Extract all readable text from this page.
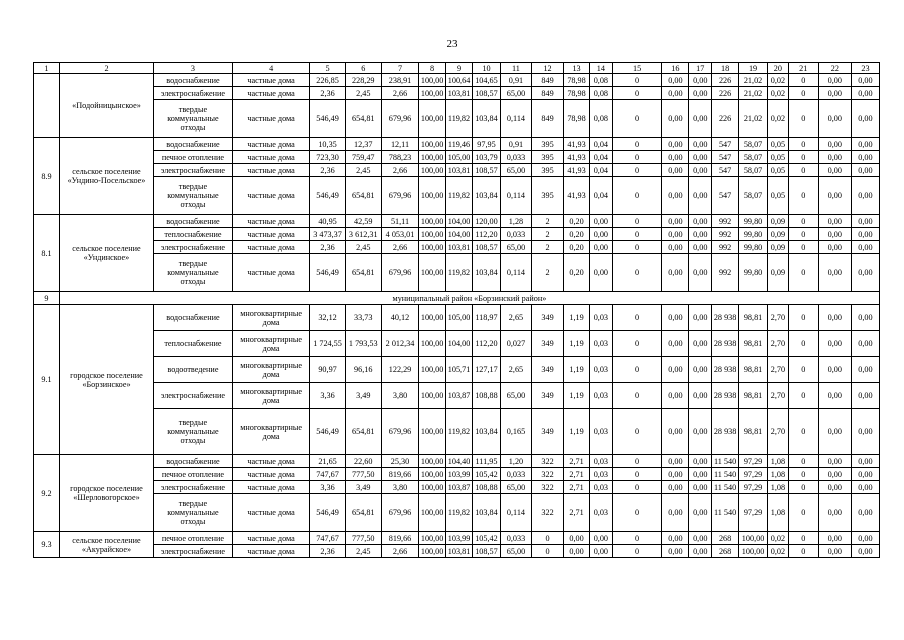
23
1	2	3	4	5	6	7	8	9	10	11	12	13	14	15	16	17	18	19	20	21	22	23
	«Подойницынское»	водоснабжение	частные дома	226,85	228,29	238,91	100,00	100,64	104,65	0,91	849	78,98	0,08	0	0,00	0,00	226	21,02	0,02	0	0,00	0,00
		электроснабжение	частные дома	2,36	2,45	2,66	100,00	103,81	108,57	65,00	849	78,98	0,08	0	0,00	0,00	226	21,02	0,02	0	0,00	0,00
		твердые коммунальные отходы	частные дома	546,49	654,81	679,96	100,00	119,82	103,84	0,114	849	78,98	0,08	0	0,00	0,00	226	21,02	0,02	0	0,00	0,00
8.9	сельское поселение «Ундино-Посельское»	водоснабжение	частные дома	10,35	12,37	12,11	100,00	119,46	97,95	0,91	395	41,93	0,04	0	0,00	0,00	547	58,07	0,05	0	0,00	0,00
		печное отопление	частные дома	723,30	759,47	788,23	100,00	105,00	103,79	0,033	395	41,93	0,04	0	0,00	0,00	547	58,07	0,05	0	0,00	0,00
		электроснабжение	частные дома	2,36	2,45	2,66	100,00	103,81	108,57	65,00	395	41,93	0,04	0	0,00	0,00	547	58,07	0,05	0	0,00	0,00
		твердые коммунальные отходы	частные дома	546,49	654,81	679,96	100,00	119,82	103,84	0,114	395	41,93	0,04	0	0,00	0,00	547	58,07	0,05	0	0,00	0,00
8.1	сельское поселение «Ундинское»	водоснабжение	частные дома	40,95	42,59	51,11	100,00	104,00	120,00	1,28	2	0,20	0,00	0	0,00	0,00	992	99,80	0,09	0	0,00	0,00
		теплоснабжение	частные дома	3 473,37	3 612,31	4 053,01	100,00	104,00	112,20	0,033	2	0,20	0,00	0	0,00	0,00	992	99,80	0,09	0	0,00	0,00
		электроснабжение	частные дома	2,36	2,45	2,66	100,00	103,81	108,57	65,00	2	0,20	0,00	0	0,00	0,00	992	99,80	0,09	0	0,00	0,00
		твердые коммунальные отходы	частные дома	546,49	654,81	679,96	100,00	119,82	103,84	0,114	2	0,20	0,00	0	0,00	0,00	992	99,80	0,09	0	0,00	0,00
9	муниципальный район «Борзинский район»																					
9.1	городское поселение «Борзинское»	водоснабжение	многоквартирные дома	32,12	33,73	40,12	100,00	105,00	118,97	2,65	349	1,19	0,03	0	0,00	0,00	28 938	98,81	2,70	0	0,00	0,00
		теплоснабжение	многоквартирные дома	1 724,55	1 793,53	2 012,34	100,00	104,00	112,20	0,027	349	1,19	0,03	0	0,00	0,00	28 938	98,81	2,70	0	0,00	0,00
		водоотведение	многоквартирные дома	90,97	96,16	122,29	100,00	105,71	127,17	2,65	349	1,19	0,03	0	0,00	0,00	28 938	98,81	2,70	0	0,00	0,00
		электроснабжение	многоквартирные дома	3,36	3,49	3,80	100,00	103,87	108,88	65,00	349	1,19	0,03	0	0,00	0,00	28 938	98,81	2,70	0	0,00	0,00
		твердые коммунальные отходы	многоквартирные дома	546,49	654,81	679,96	100,00	119,82	103,84	0,165	349	1,19	0,03	0	0,00	0,00	28 938	98,81	2,70	0	0,00	0,00
9.2	городское поселение «Шерловогорское»	водоснабжение	частные дома	21,65	22,60	25,30	100,00	104,40	111,95	1,20	322	2,71	0,03	0	0,00	0,00	11 540	97,29	1,08	0	0,00	0,00
		печное отопление	частные дома	747,67	777,50	819,66	100,00	103,99	105,42	0,033	322	2,71	0,03	0	0,00	0,00	11 540	97,29	1,08	0	0,00	0,00
		электроснабжение	частные дома	3,36	3,49	3,80	100,00	103,87	108,88	65,00	322	2,71	0,03	0	0,00	0,00	11 540	97,29	1,08	0	0,00	0,00
		твердые коммунальные отходы	частные дома	546,49	654,81	679,96	100,00	119,82	103,84	0,114	322	2,71	0,03	0	0,00	0,00	11 540	97,29	1,08	0	0,00	0,00
9.3	сельское поселение «Акурайское»	печное отопление	частные дома	747,67	777,50	819,66	100,00	103,99	105,42	0,033	0	0,00	0,00	0	0,00	0,00	268	100,00	0,02	0	0,00	0,00
		электроснабжение	частные дома	2,36	2,45	2,66	100,00	103,81	108,57	65,00	0	0,00	0,00	0	0,00	0,00	268	100,00	0,02	0	0,00	0,00
